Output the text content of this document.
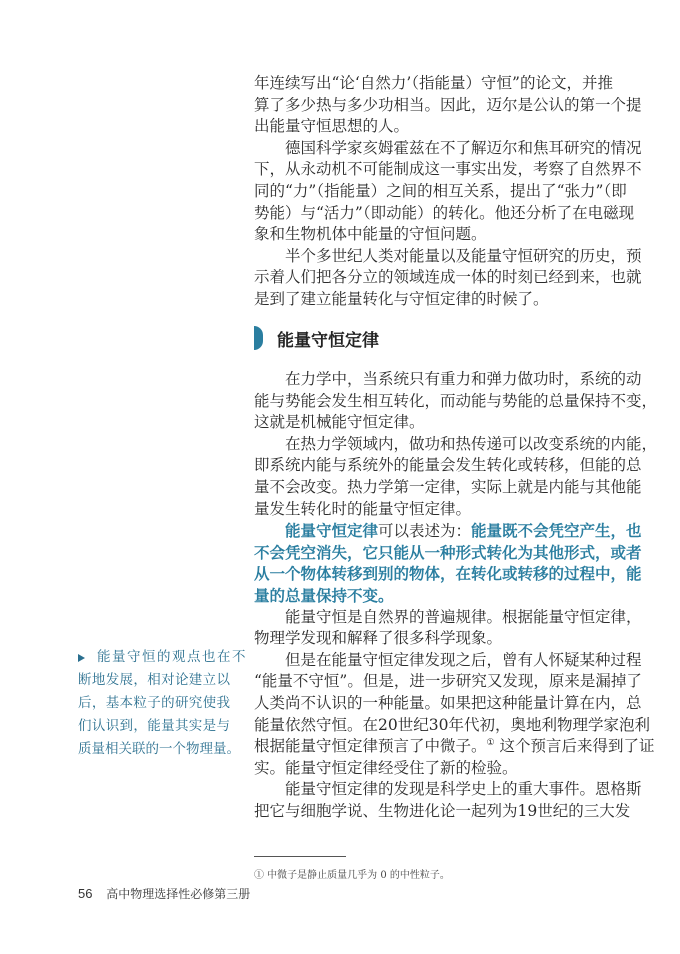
年连续写出“论‘自然力’（指能量）守恒”的论文，并推
算了多少热与多少功相当。因此，迈尔是公认的第一个提
出能量守恒思想的人。
德国科学家亥姆霍兹在不了解迈尔和焦耳研究的情况
下，从永动机不可能制成这一事实出发，考察了自然界不
同的“力”（指能量）之间的相互关系，提出了“张力”（即
势能）与“活力”（即动能）的转化。他还分析了在电磁现
象和生物机体中能量的守恒问题。
半个多世纪人类对能量以及能量守恒研究的历史，预
示着人们把各分立的领域连成一体的时刻已经到来，也就
是到了建立能量转化与守恒定律的时候了。
能量守恒定律
在力学中，当系统只有重力和弹力做功时，系统的动
能与势能会发生相互转化，而动能与势能的总量保持不变，
这就是机械能守恒定律。
在热力学领域内，做功和热传递可以改变系统的内能，
即系统内能与系统外的能量会发生转化或转移，但能的总
量不会改变。热力学第一定律，实际上就是内能与其他能
量发生转化时的能量守恒定律。
能量守恒定律可以表述为：能量既不会凭空产生，也
不会凭空消失，它只能从一种形式转化为其他形式，或者
从一个物体转移到别的物体，在转化或转移的过程中，能
量的总量保持不变。
能量守恒是自然界的普遍规律。根据能量守恒定律，
物理学发现和解释了很多科学现象。
但是在能量守恒定律发现之后，曾有人怀疑某种过程
“能量不守恒”。但是，进一步研究又发现，原来是漏掉了
人类尚不认识的一种能量。如果把这种能量计算在内，总
能量依然守恒。在20世纪30年代初，奥地利物理学家泡利
根据能量守恒定律预言了中微子。① 这个预言后来得到了证
实。能量守恒定律经受住了新的检验。
能量守恒定律的发现是科学史上的重大事件。恩格斯
把它与细胞学说、生物进化论一起列为19世纪的三大发
能量守恒的观点也在不
断地发展，相对论建立以
后，基本粒子的研究使我
们认识到，能量其实是与
质量相关联的一个物理量。
① 中微子是静止质量几乎为 0 的中性粒子。
56 高中物理选择性必修第三册
